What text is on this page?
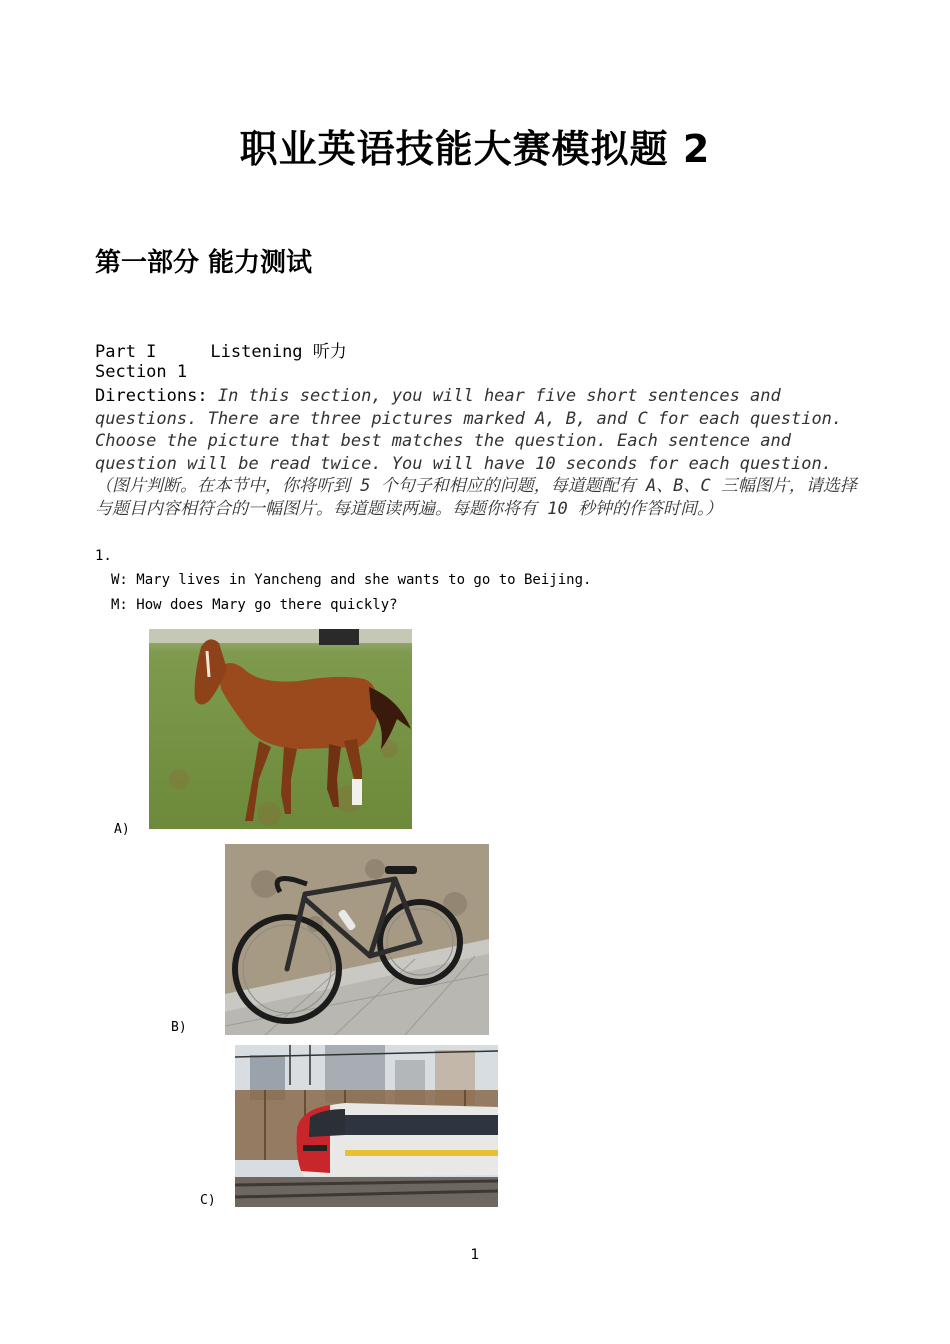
职业英语技能大赛模拟题 2
第一部分 能力测试
Part I	Listening 听力
Section 1
Directions: In this section, you will hear five short sentences and questions. There are three pictures marked A, B, and C for each question. Choose the picture that best matches the question. Each sentence and question will be read twice. You will have 10 seconds for each question. （图片判断。在本节中，你将听到 5 个句子和相应的问题，每道题配有 A、B、C 三幅图片，请选择与题目内容相符合的一幅图片。每道题读两遍。每题你将有 10 秒钟的作答时间。）
1.
W: Mary lives in Yancheng and she wants to go to Beijing.
M: How does Mary go there quickly?
A)
B)
C)
1
